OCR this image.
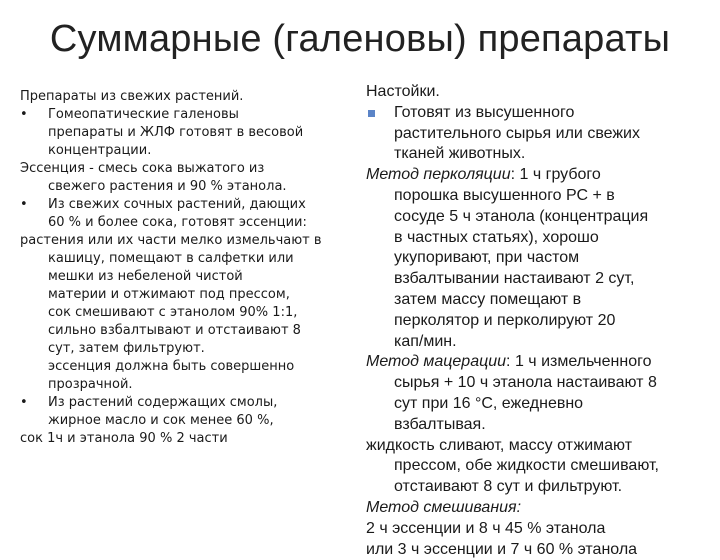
Суммарные (галеновы) препараты

Препараты из свежих растений.

• Гомеопатические галеновы

препараты и ЖЛФ готовят в весовой

концентрации.

Эссенция - смесь сока выжатого из

свежего растения и 90 % этанола.

• Из свежих сочных растений, дающих

60 % и более сока, готовят эссенции:

растения или их части мелко измельчают в

кашицу, помещают в салфетки или

мешки из небеленой чистой

материи и отжимают под прессом,

сок смешивают с этанолом 90% 1:1,

сильно взбалтывают и отстаивают 8

сут, затем фильтруют.

эссенция должна быть совершенно

прозрачной.

• Из растений содержащих смолы,

жирное масло и сок менее 60 %,

сок 1ч и этанола 90 % 2 части

Настойки.

Готовят из высушенного

растительного сырья или свежих

тканей животных.

Метод перколяции: 1 ч грубого

порошка высушенного РС + в

сосуде 5 ч этанола (концентрация

в частных статьях), хорошо

укупоривают, при частом

взбалтывании настаивают 2 сут,

затем массу помещают в

перколятор и перколируют 20

кап/мин.

Метод мацерации: 1 ч измельченного

сырья + 10 ч этанола настаивают 8

сут при 16 °С, ежедневно

взбалтывая.

жидкость сливают, массу отжимают

прессом, обе жидкости смешивают,

отстаивают 8 сут и фильтруют.

Метод смешивания:

2 ч эссенции и 8 ч 45 % этанола

или 3 ч эссенции и 7 ч 60 % этанола
